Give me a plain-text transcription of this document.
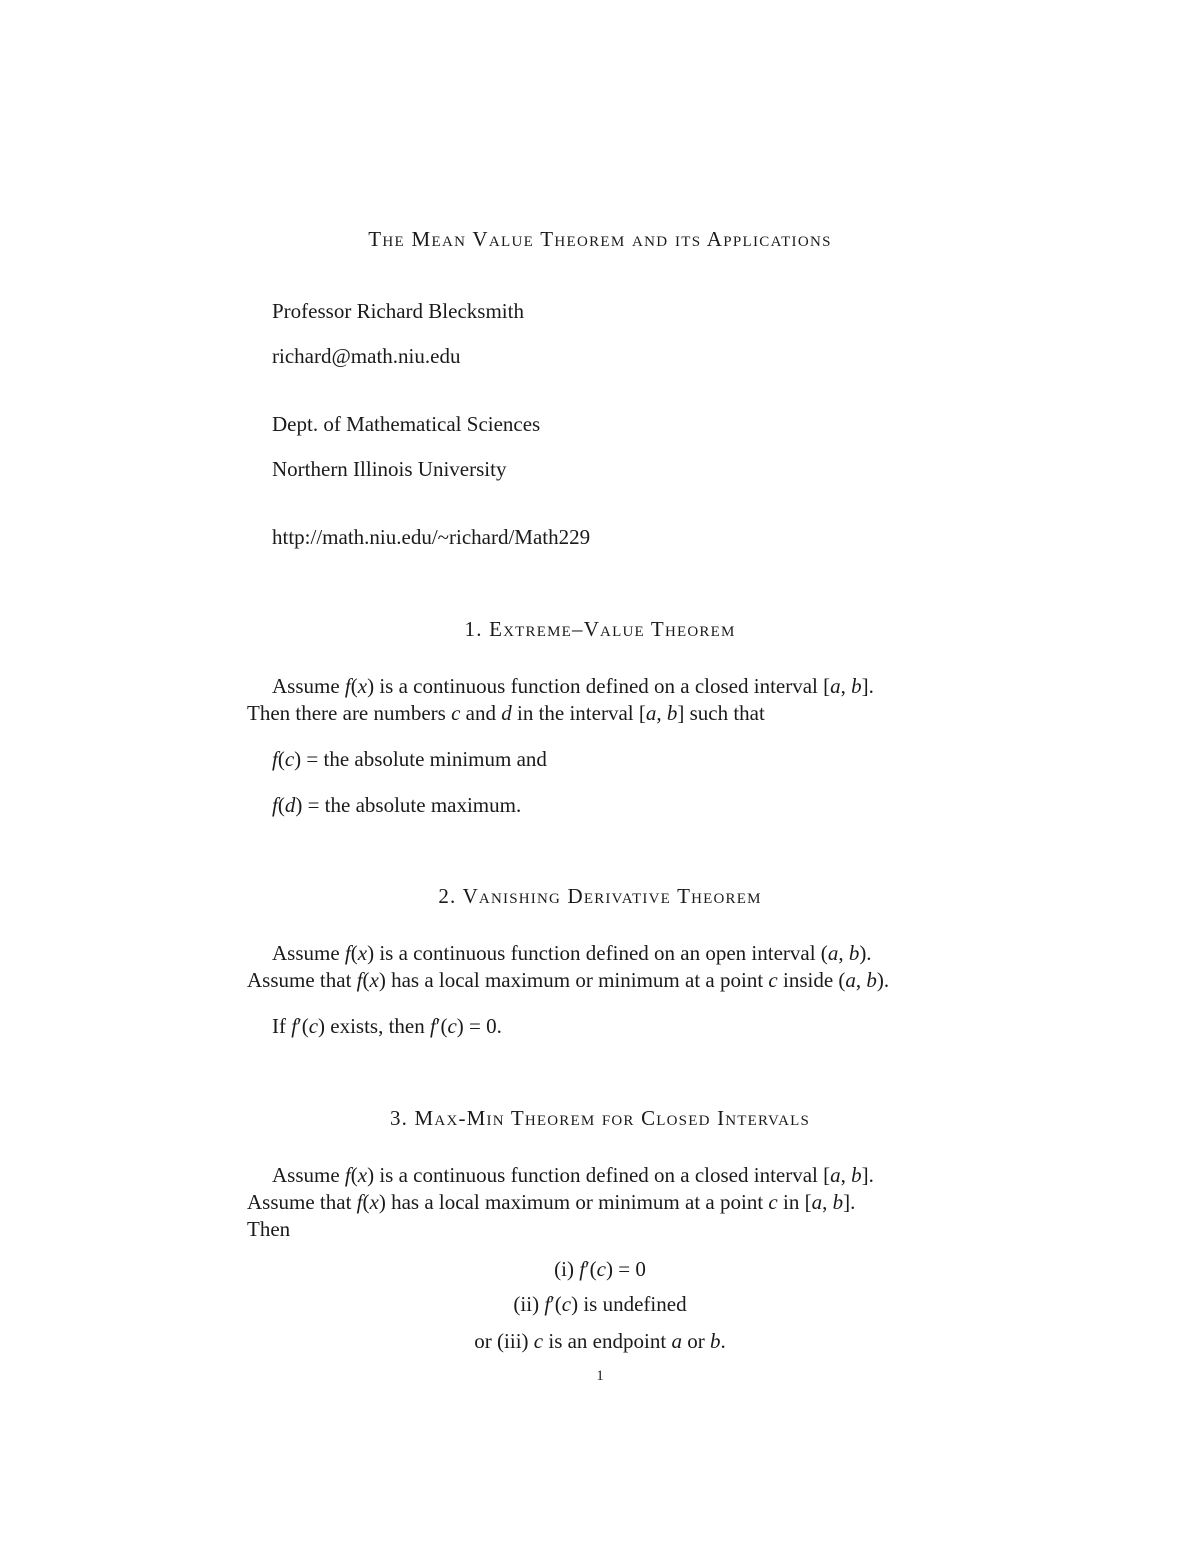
The Mean Value Theorem and its Applications
Professor Richard Blecksmith
richard@math.niu.edu
Dept. of Mathematical Sciences
Northern Illinois University
http://math.niu.edu/~richard/Math229
1. Extreme–Value Theorem
Assume f(x) is a continuous function defined on a closed interval [a, b].
Then there are numbers c and d in the interval [a, b] such that
f(c) = the absolute minimum and
f(d) = the absolute maximum.
2. Vanishing Derivative Theorem
Assume f(x) is a continuous function defined on an open interval (a, b).
Assume that f(x) has a local maximum or minimum at a point c inside (a, b).
If f′(c) exists, then f′(c) = 0.
3. Max-Min Theorem for Closed Intervals
Assume f(x) is a continuous function defined on a closed interval [a, b].
Assume that f(x) has a local maximum or minimum at a point c in [a, b].
Then
(i) f′(c) = 0
(ii) f′(c) is undefined
or (iii) c is an endpoint a or b.
1
